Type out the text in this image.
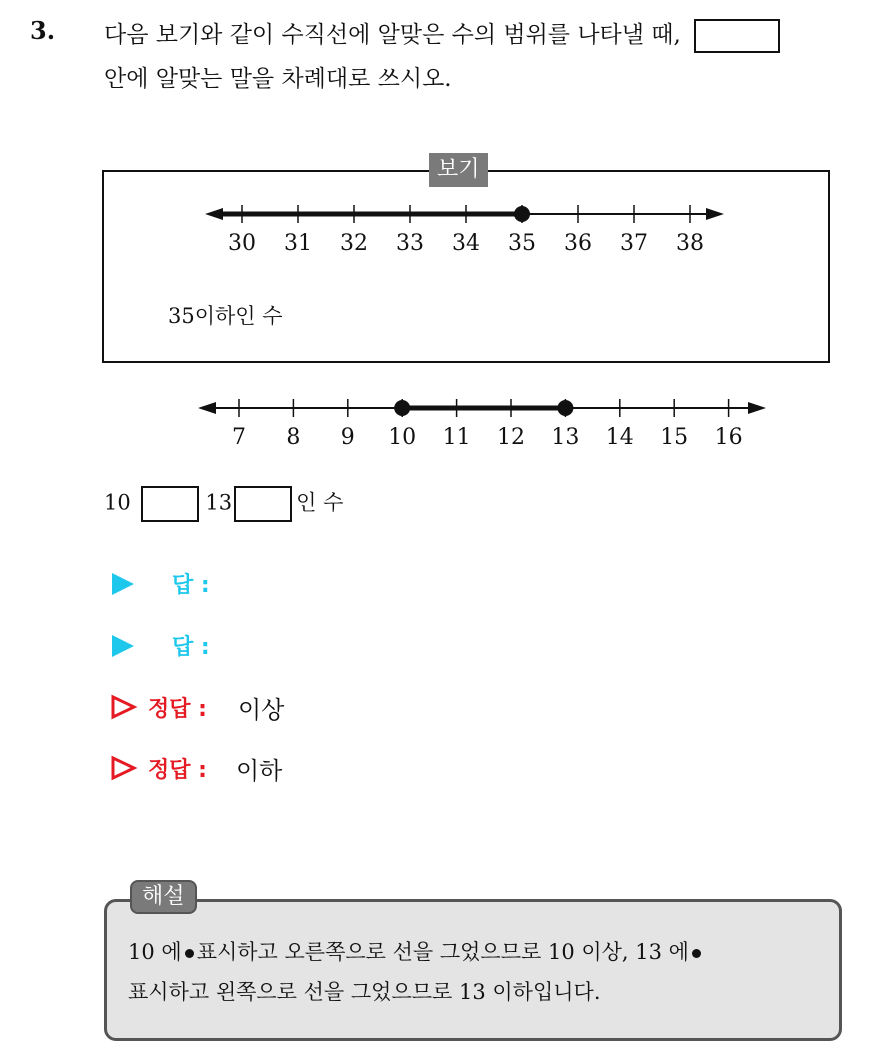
3. 다음 보기와 같이 수직선에 알맞은 수의 범위를 나타낼 때,
안에 알맞는 말을 차례대로 쓰시오.
보기
30 31 32 33 34 35 36 37 38
7 8 9 10 11 12 13 14 15 16
35이하인 수
10	13	인 수
답 :
답 :
정답 : 이상
정답 : 이하
해설
10 에 표시하고 오른쪽으로 선을 그었으므로 10 이상, 13 에
표시하고 왼쪽으로 선을 그었으므로 13 이하입니다.
